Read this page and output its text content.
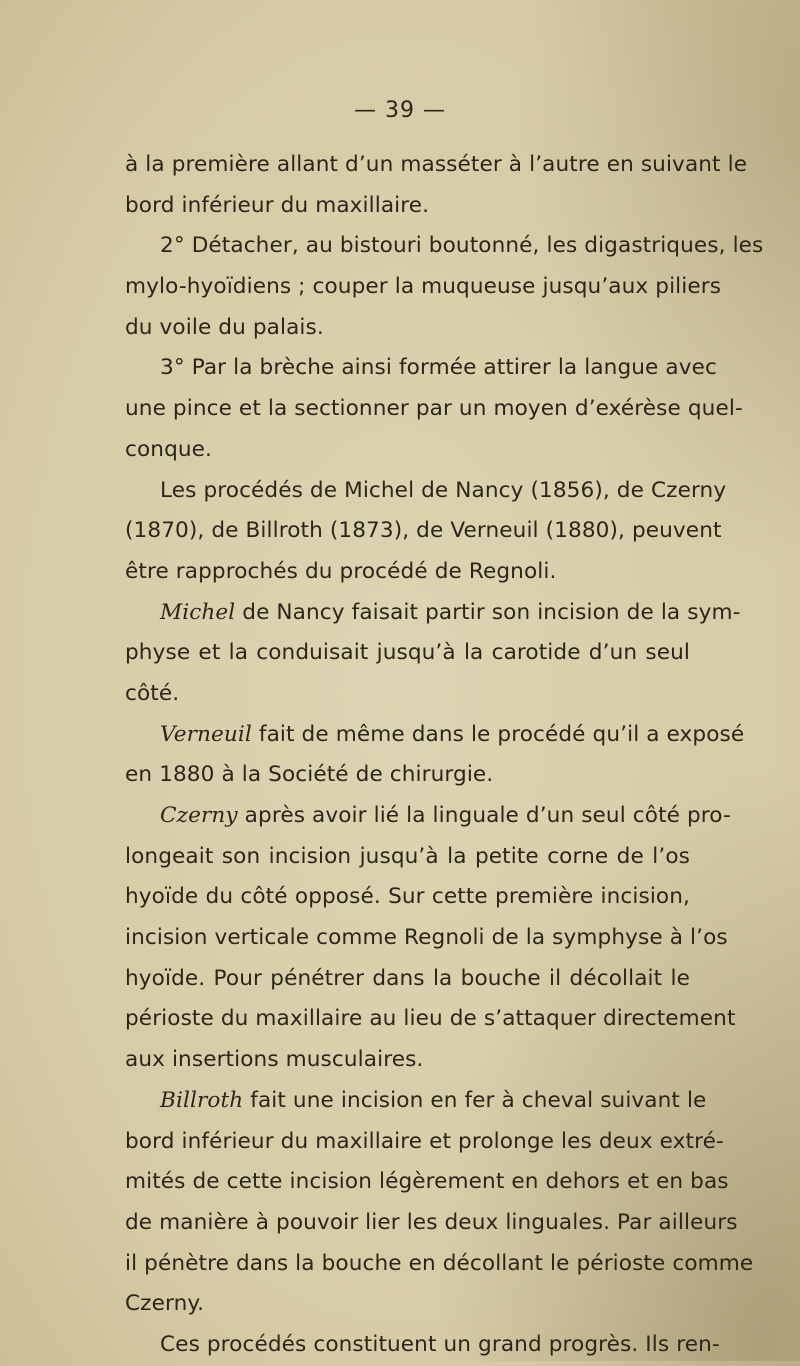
— 39 —
à la première allant d’un masséter à l’autre en suivant le
bord inférieur du maxillaire.
2° Détacher, au bistouri boutonné, les digastriques, les
mylo-hyoïdiens ; couper la muqueuse jusqu’aux piliers
du voile du palais.
3° Par la brèche ainsi formée attirer la langue avec
une pince et la sectionner par un moyen d’exérèse quel-
conque.
Les procédés de Michel de Nancy (1856), de Czerny
(1870), de Billroth (1873), de Verneuil (1880), peuvent
être rapprochés du procédé de Regnoli.
Michel de Nancy faisait partir son incision de la sym-
physe et la conduisait jusqu’à la carotide d’un seul
côté.
Verneuil fait de même dans le procédé qu’il a exposé
en 1880 à la Société de chirurgie.
Czerny après avoir lié la linguale d’un seul côté pro-
longeait son incision jusqu’à la petite corne de l’os
hyoïde du côté opposé. Sur cette première incision,
incision verticale comme Regnoli de la symphyse à l’os
hyoïde. Pour pénétrer dans la bouche il décollait le
périoste du maxillaire au lieu de s’attaquer directement
aux insertions musculaires.
Billroth fait une incision en fer à cheval suivant le
bord inférieur du maxillaire et prolonge les deux extré-
mités de cette incision légèrement en dehors et en bas
de manière à pouvoir lier les deux linguales. Par ailleurs
il pénètre dans la bouche en décollant le périoste comme
Czerny.
Ces procédés constituent un grand progrès. Ils ren-
